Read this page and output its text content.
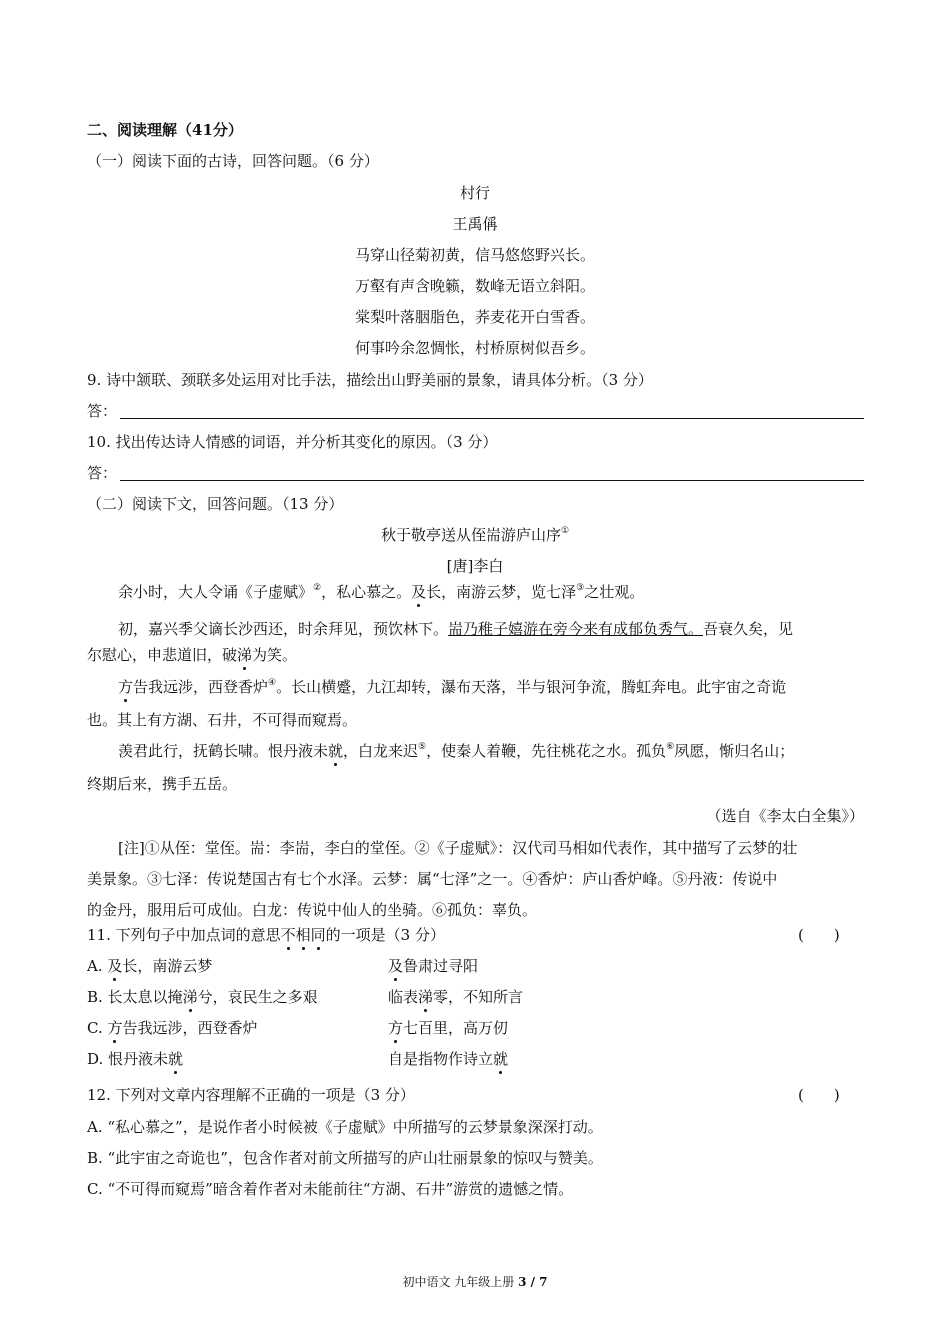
二、阅读理解（41分）
（一）阅读下面的古诗，回答问题。（6 分）
村行
王禹偁
马穿山径菊初黄，信马悠悠野兴长。
万壑有声含晚籁，数峰无语立斜阳。
棠梨叶落胭脂色，荞麦花开白雪香。
何事吟余忽惆怅，村桥原树似吾乡。
9. 诗中颔联、颈联多处运用对比手法，描绘出山野美丽的景象，请具体分析。（3 分）
答：
10. 找出传达诗人情感的词语，并分析其变化的原因。（3 分）
答：
（二）阅读下文，回答问题。（13 分）
秋于敬亭送从侄耑游庐山序①
[唐]李白
余小时，大人令诵《子虚赋》②，私心慕之。及长，南游云梦，览七泽③之壮观。
初，嘉兴季父谪长沙西还，时余拜见，预饮林下。耑乃稚子嬉游在旁今来有成郁负秀气。吾衰久矣，见
尔慰心，申悲道旧，破涕为笑。
方告我远涉，西登香炉④。长山横蹙，九江却转，瀑布天落，半与银河争流，腾虹奔电。此宇宙之奇诡
也。其上有方湖、石井，不可得而窥焉。
羡君此行，抚鹤长啸。恨丹液未就，白龙来迟⑤，使秦人着鞭，先往桃花之水。孤负⑥夙愿，惭归名山；
终期后来，携手五岳。
（选自《李太白全集》）
[注]①从侄：堂侄。耑：李耑，李白的堂侄。②《子虚赋》：汉代司马相如代表作，其中描写了云梦的壮
美景象。③七泽：传说楚国古有七个水泽。云梦：属“七泽”之一。④香炉：庐山香炉峰。⑤丹液：传说中
的金丹，服用后可成仙。白龙：传说中仙人的坐骑。⑥孤负：辜负。
11. 下列句子中加点词的意思不相同的一项是（3 分）	(　　)
A. 及长，南游云梦	及鲁肃过寻阳
B. 长太息以掩涕兮，哀民生之多艰	临表涕零，不知所言
C. 方告我远涉，西登香炉	方七百里，高万仞
D. 恨丹液未就	自是指物作诗立就
12. 下列对文章内容理解不正确的一项是（3 分）	(　　)
A. “私心慕之”，是说作者小时候被《子虚赋》中所描写的云梦景象深深打动。
B. “此宇宙之奇诡也”，包含作者对前文所描写的庐山壮丽景象的惊叹与赞美。
C. “不可得而窥焉”暗含着作者对未能前往“方湖、石井”游赏的遗憾之情。
初中语文 九年级上册 3 / 7
